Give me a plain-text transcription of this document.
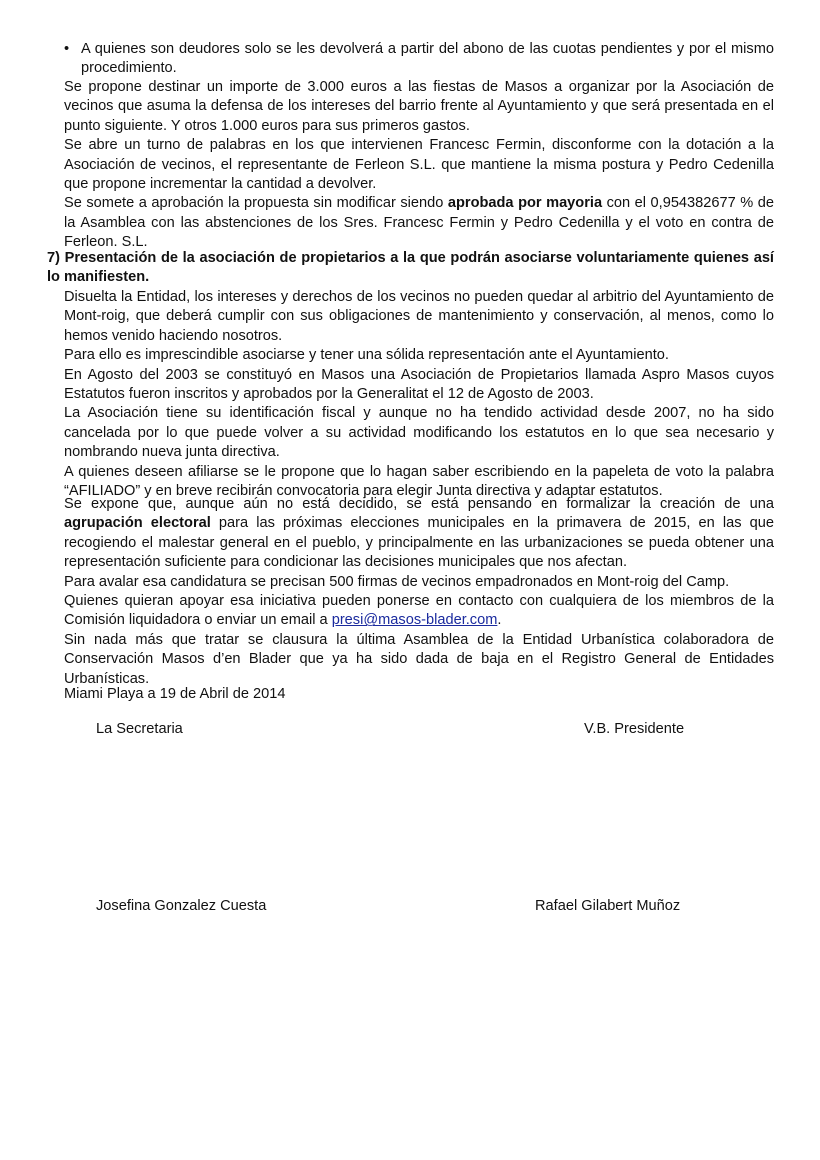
• A quienes son deudores solo se les devolverá a partir del abono de las cuotas pendientes y por el mismo procedimiento.

Se propone destinar un importe de 3.000 euros a las fiestas de Masos a organizar por la Asociación de vecinos que asuma la defensa de los intereses del barrio frente al Ayuntamiento y que será presentada en el punto siguiente. Y otros 1.000 euros para sus primeros gastos.

Se abre un turno de palabras en los que intervienen Francesc Fermin, disconforme con la dotación a la Asociación de vecinos, el representante de Ferleon S.L. que mantiene la misma postura y Pedro Cedenilla que propone incrementar la cantidad a devolver.

Se somete a aprobación la propuesta sin modificar siendo aprobada por mayoria con el 0,954382677 % de la Asamblea con las abstenciones de los Sres. Francesc Fermin y Pedro Cedenilla y el voto en contra de Ferleon. S.L.

7) Presentación de la asociación de propietarios a la que podrán asociarse voluntariamente quienes así lo manifiesten.

Disuelta la Entidad, los intereses y derechos de los vecinos no pueden quedar al arbitrio del Ayuntamiento de Mont-roig, que deberá cumplir con sus obligaciones de mantenimiento y conservación, al menos, como lo hemos venido haciendo nosotros.

Para ello es imprescindible asociarse y tener una sólida representación ante el Ayuntamiento.

En Agosto del 2003 se constituyó en Masos una Asociación de Propietarios llamada Aspro Masos cuyos Estatutos fueron inscritos y aprobados por la Generalitat el 12 de Agosto de 2003.

La Asociación tiene su identificación fiscal y aunque no ha tendido actividad desde 2007, no ha sido cancelada por lo que puede volver a su actividad modificando los estatutos en lo que sea necesario y nombrando nueva junta directiva.

A quienes deseen afiliarse se le propone que lo hagan saber escribiendo en la papeleta de voto la palabra “AFILIADO” y en breve recibirán convocatoria para elegir Junta directiva y adaptar estatutos.

Se expone que, aunque aún no está decidido, se está pensando en formalizar la creación de una agrupación electoral para las próximas elecciones municipales en la primavera de 2015, en las que recogiendo el malestar general en el pueblo, y principalmente en las urbanizaciones se pueda obtener una representación suficiente para condicionar las decisiones municipales que nos afectan.

Para avalar esa candidatura se precisan 500 firmas de vecinos empadronados en Mont-roig del Camp.

Quienes quieran apoyar esa iniciativa pueden ponerse en contacto con cualquiera de los miembros de la Comisión liquidadora o enviar un email a presi@masos-blader.com.

Sin nada más que tratar se clausura la última Asamblea de la Entidad Urbanística colaboradora de Conservación Masos d’en Blader que ya ha sido dada de baja en el Registro General de Entidades Urbanísticas.

Miami Playa a 19 de Abril de 2014
La Secretaria	V.B. Presidente
Josefina Gonzalez Cuesta	Rafael Gilabert Muñoz
